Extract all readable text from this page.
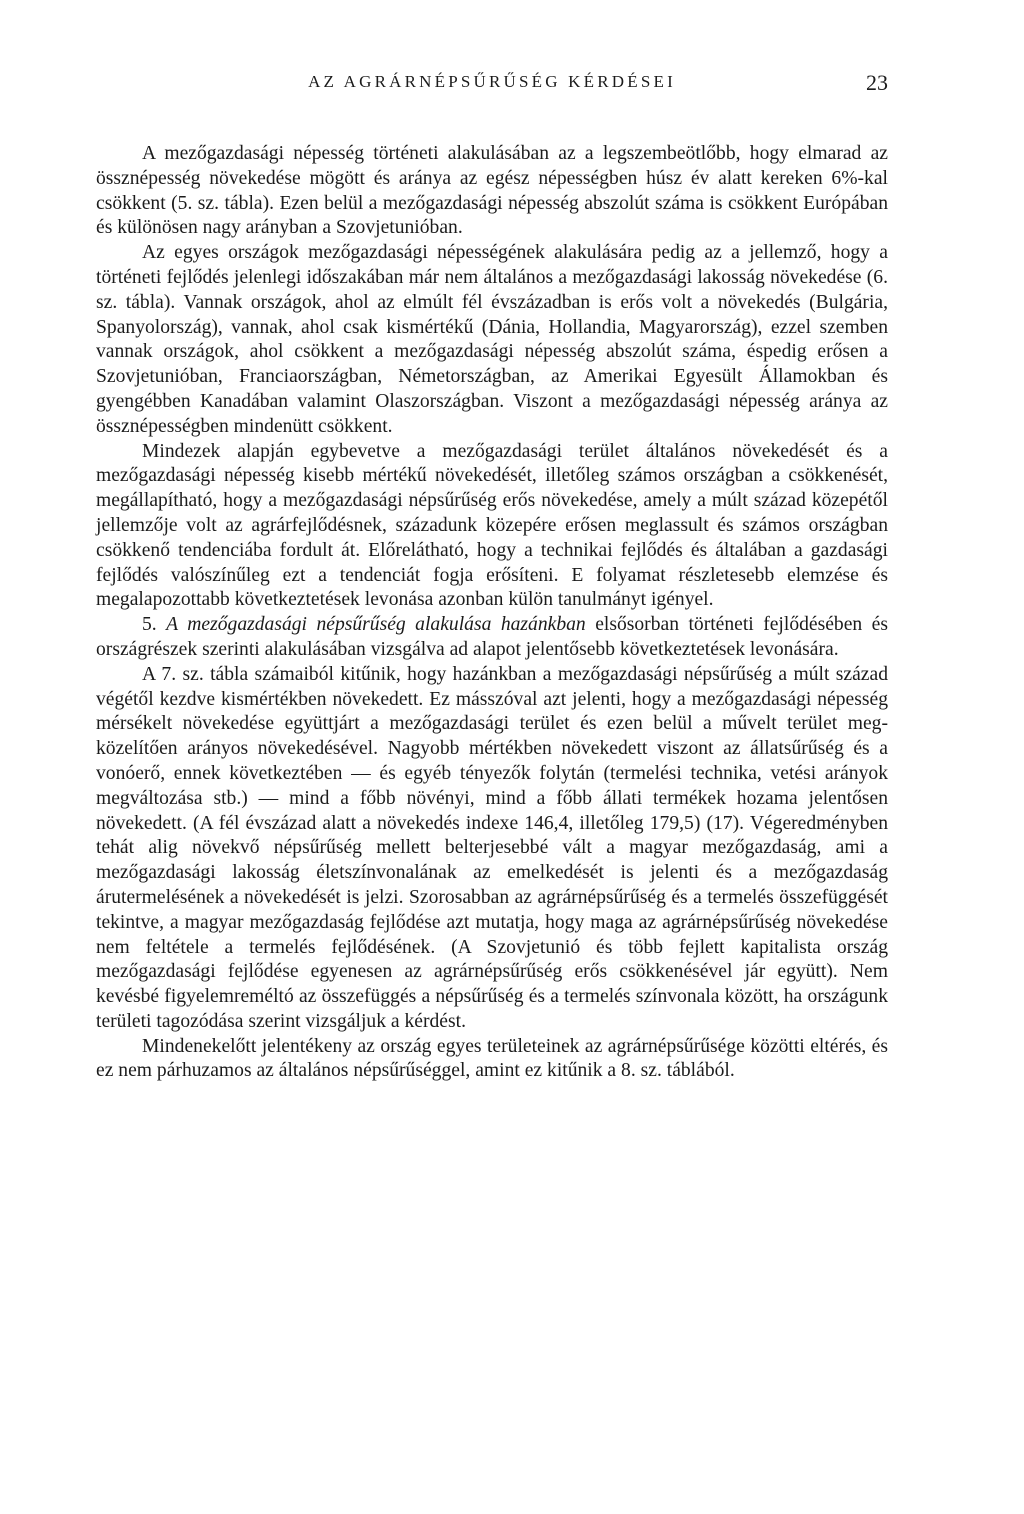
AZ AGRÁRNÉPSŰRŰSÉG KÉRDÉSEI	23

A mezőgazdasági népesség történeti alakulásában az a legszembeötlőbb, hogy elmarad az össznépesség növekedése mögött és aránya az egész népességben húsz év alatt kereken 6%-kal csökkent (5. sz. tábla). Ezen belül a mezőgazdasági népesség abszolút száma is csökkent Európában és különösen nagy arányban a Szovjetunióban.

Az egyes országok mezőgazdasági népességének alakulására pedig az a jellemző, hogy a történeti fejlődés jelenlegi időszakában már nem általános a mezőgazdasági lakosság növekedése (6. sz. tábla). Vannak országok, ahol az elmúlt fél évszázadban is erős volt a növekedés (Bulgária, Spanyolország), vannak, ahol csak kismértékű (Dánia, Hollandia, Magyarország), ezzel szemben vannak országok, ahol csökkent a mezőgazdasági népesség abszolút száma, éspedig erősen a Szovjetunióban, Franciaországban, Németországban, az Amerikai Egyesült Államokban és gyengébben Kanadában valamint Olaszországban. Viszont a mezőgazdasági népesség aránya az össznépességben mindenütt csökkent.

Mindezek alapján egybevetve a mezőgazdasági terület általános növekedését és a mezőgazdasági népesség kisebb mértékű növekedését, illetőleg számos országban a csökkenését, megállapítható, hogy a mezőgazdasági népsűrűség erős növekedése, amely a múlt század közepétől jellemzője volt az agrárfejlődésnek, századunk közepére erősen meglassult és számos országban csökkenő tendenciába fordult át. Előrelátható, hogy a technikai fejlődés és általában a gazdasági fejlődés valószínűleg ezt a tendenciát fogja erősíteni. E folyamat részletesebb elemzése és megalapozottabb következtetések levonása azonban külön tanulmányt igényel.

5. A mezőgazdasági népsűrűség alakulása hazánkban elsősorban történeti fejlődésében és országrészek szerinti alakulásában vizsgálva ad alapot jelentősebb következtetések levonására.

A 7. sz. tábla számaiból kitűnik, hogy hazánkban a mezőgazdasági népsűrűség a múlt század végétől kezdve kismértékben növekedett. Ez másszóval azt jelenti, hogy a mezőgazdasági népesség mérsékelt növekedése együttjárt a mezőgazdasági terület és ezen belül a művelt terület megközelítően arányos növekedésével. Nagyobb mértékben növekedett viszont az állatsűrűség és a vonóerő, ennek következtében — és egyéb tényezők folytán (termelési technika, vetési arányok megváltozása stb.) — mind a főbb növényi, mind a főbb állati termékek hozama jelentősen növekedett. (A fél évszázad alatt a növekedés indexe 146,4, illetőleg 179,5) (17). Végeredményben tehát alig növekvő népsűrűség mellett belterjesebbé vált a magyar mezőgazdaság, ami a mezőgazdasági lakosság életszínvonalának az emelkedését is jelenti és a mezőgazdaság árutermelésének a növekedését is jelzi. Szorosabban az agrárnépsűrűség és a termelés összefüggését tekintve, a magyar mezőgazdaság fejlődése azt mutatja, hogy maga az agrárnépsűrűség növekedése nem feltétele a termelés fejlődésének. (A Szovjetunió és több fejlett kapitalista ország mezőgazdasági fejlődése egyenesen az agrárnépsűrűség erős csökkenésével jár együtt). Nem kevésbé figyelemreméltó az összefüggés a népsűrűség és a termelés színvonala között, ha országunk területi tagozódása szerint vizsgáljuk a kérdést.

Mindenekelőtt jelentékeny az ország egyes területeinek az agrárnépsűrűsége közötti eltérés, és ez nem párhuzamos az általános népsűrűséggel, amint ez kitűnik a 8. sz. táblából.
